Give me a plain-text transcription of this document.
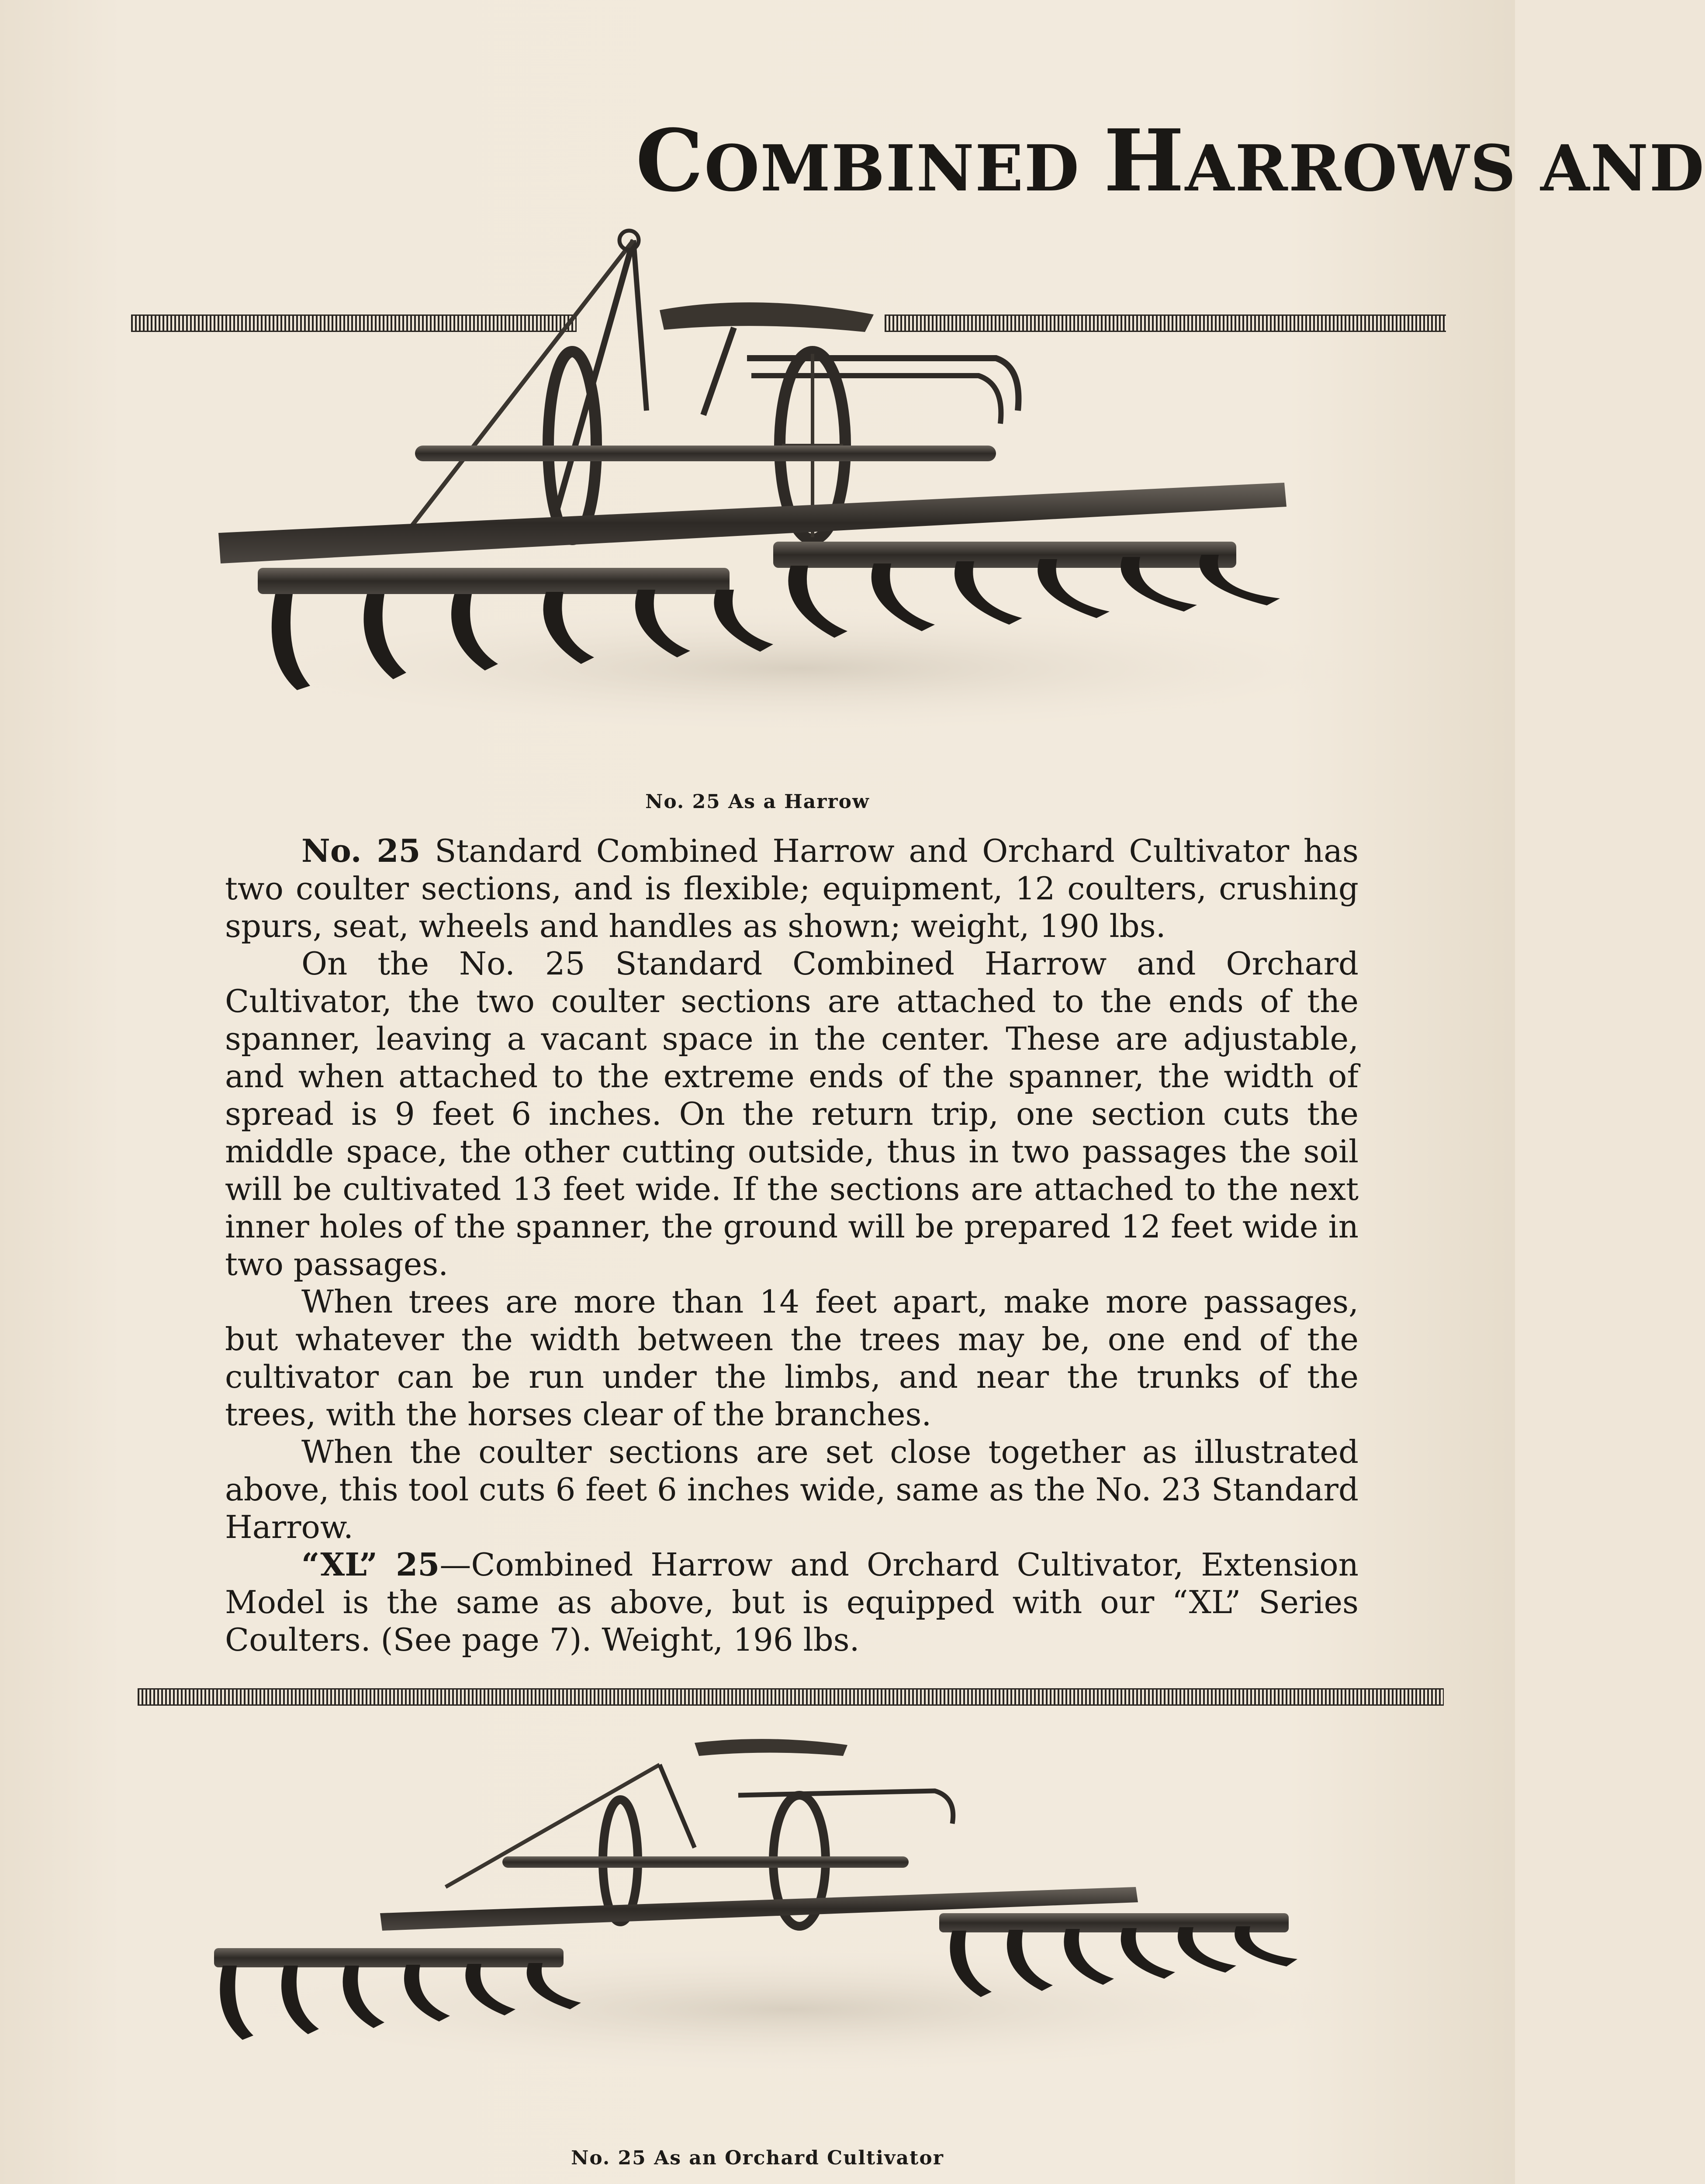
COMBINED HARROWS AND
No. 25 As a Harrow

No. 25 Standard Combined Harrow and Orchard Cultivator has two coulter sections, and is flexible; equipment, 12 coulters, crushing spurs, seat, wheels and handles as shown; weight, 190 lbs.

On the No. 25 Standard Combined Harrow and Orchard Cultivator, the two coulter sections are attached to the ends of the spanner, leaving a vacant space in the center. These are adjustable, and when attached to the extreme ends of the spanner, the width of spread is 9 feet 6 inches. On the return trip, one section cuts the middle space, the other cutting outside, thus in two passages the soil will be cultivated 13 feet wide. If the sections are attached to the next inner holes of the spanner, the ground will be prepared 12 feet wide in two passages.

When trees are more than 14 feet apart, make more passages, but whatever the width between the trees may be, one end of the cultivator can be run under the limbs, and near the trunks of the trees, with the horses clear of the branches.

When the coulter sections are set close together as illustrated above, this tool cuts 6 feet 6 inches wide, same as the No. 23 Standard Harrow.

“XL” 25—Combined Harrow and Orchard Cultivator, Extension Model is the same as above, but is equipped with our “XL” Series Coulters. (See page 7). Weight, 196 lbs.

No. 25 As an Orchard Cultivator
